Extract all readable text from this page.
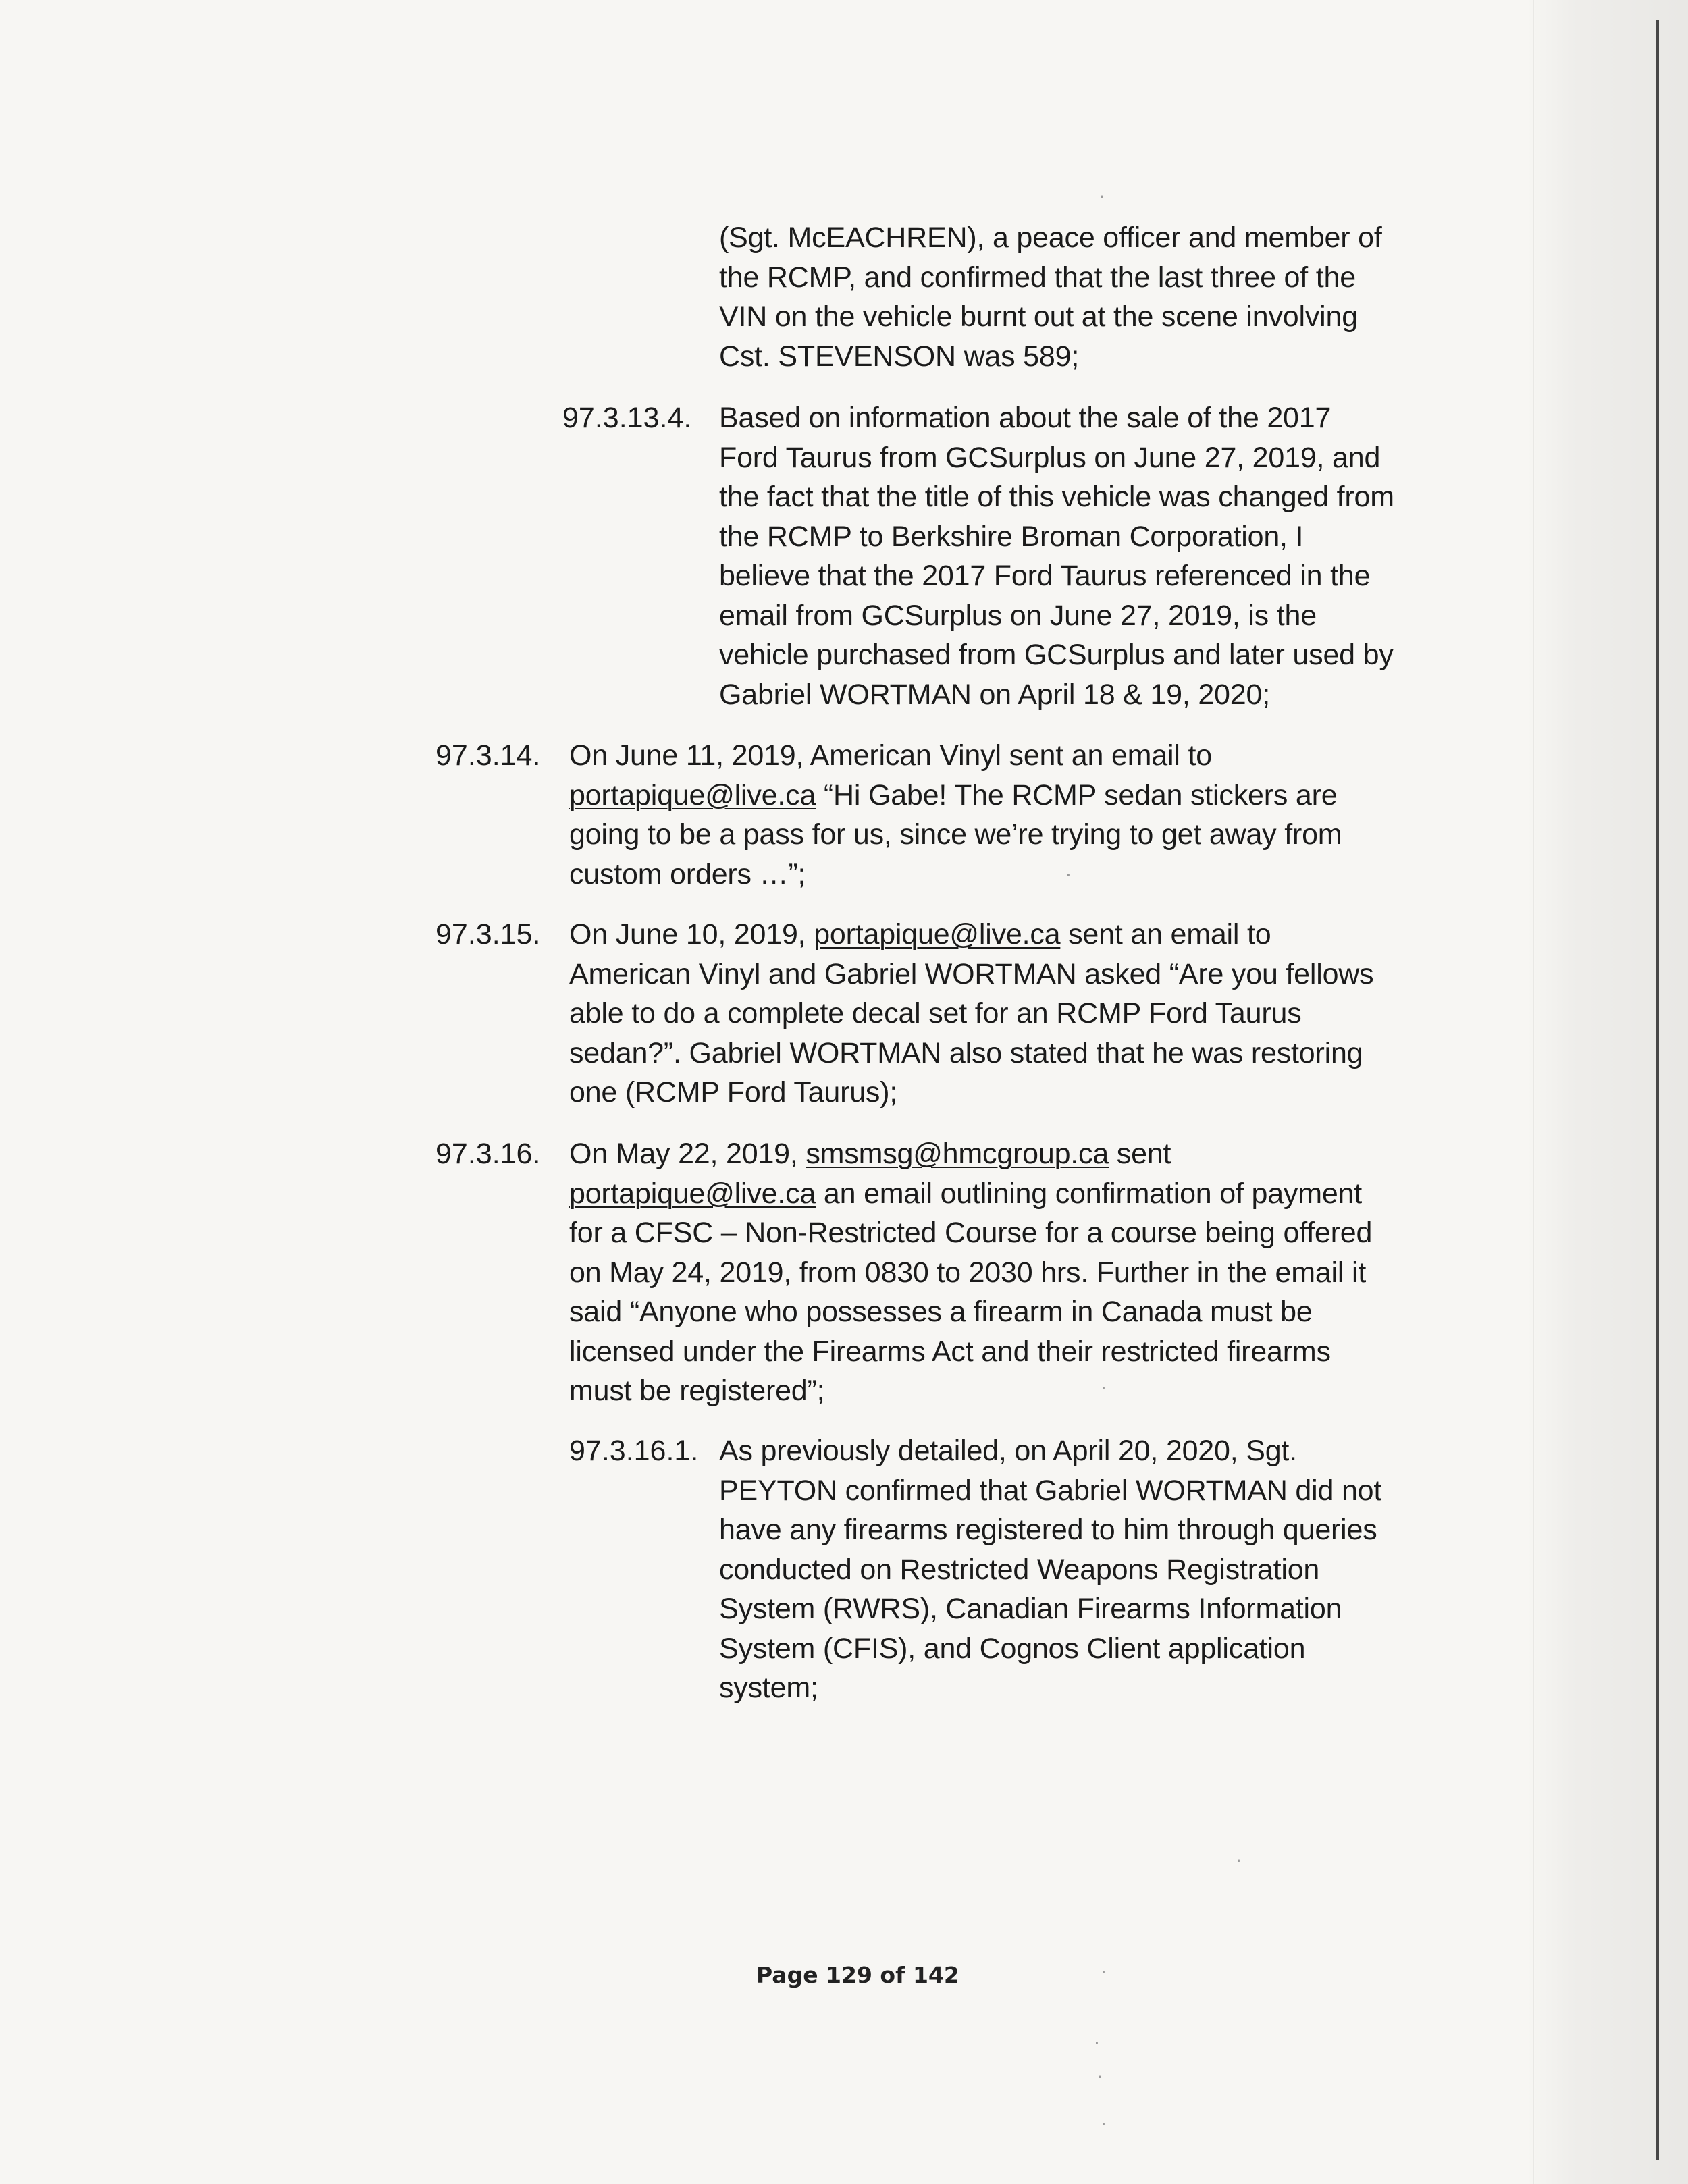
(Sgt. McEACHREN), a peace officer and member of
the RCMP, and confirmed that the last three of the
VIN on the vehicle burnt out at the scene involving
Cst. STEVENSON was 589;
97.3.13.4. Based on information about the sale of the 2017
Ford Taurus from GCSurplus on June 27, 2019, and
the fact that the title of this vehicle was changed from
the RCMP to Berkshire Broman Corporation, I
believe that the 2017 Ford Taurus referenced in the
email from GCSurplus on June 27, 2019, is the
vehicle purchased from GCSurplus and later used by
Gabriel WORTMAN on April 18 & 19, 2020;
97.3.14. On June 11, 2019, American Vinyl sent an email to
portapique@live.ca “Hi Gabe! The RCMP sedan stickers are
going to be a pass for us, since we’re trying to get away from
custom orders …”;
97.3.15. On June 10, 2019, portapique@live.ca sent an email to
American Vinyl and Gabriel WORTMAN asked “Are you fellows
able to do a complete decal set for an RCMP Ford Taurus
sedan?”. Gabriel WORTMAN also stated that he was restoring
one (RCMP Ford Taurus);
97.3.16. On May 22, 2019, smsmsg@hmcgroup.ca sent
portapique@live.ca an email outlining confirmation of payment
for a CFSC – Non-Restricted Course for a course being offered
on May 24, 2019, from 0830 to 2030 hrs. Further in the email it
said “Anyone who possesses a firearm in Canada must be
licensed under the Firearms Act and their restricted firearms
must be registered”;
97.3.16.1. As previously detailed, on April 20, 2020, Sgt.
PEYTON confirmed that Gabriel WORTMAN did not
have any firearms registered to him through queries
conducted on Restricted Weapons Registration
System (RWRS), Canadian Firearms Information
System (CFIS), and Cognos Client application
system;
·
·
·
·
·
·
·
·
Page 129 of 142
